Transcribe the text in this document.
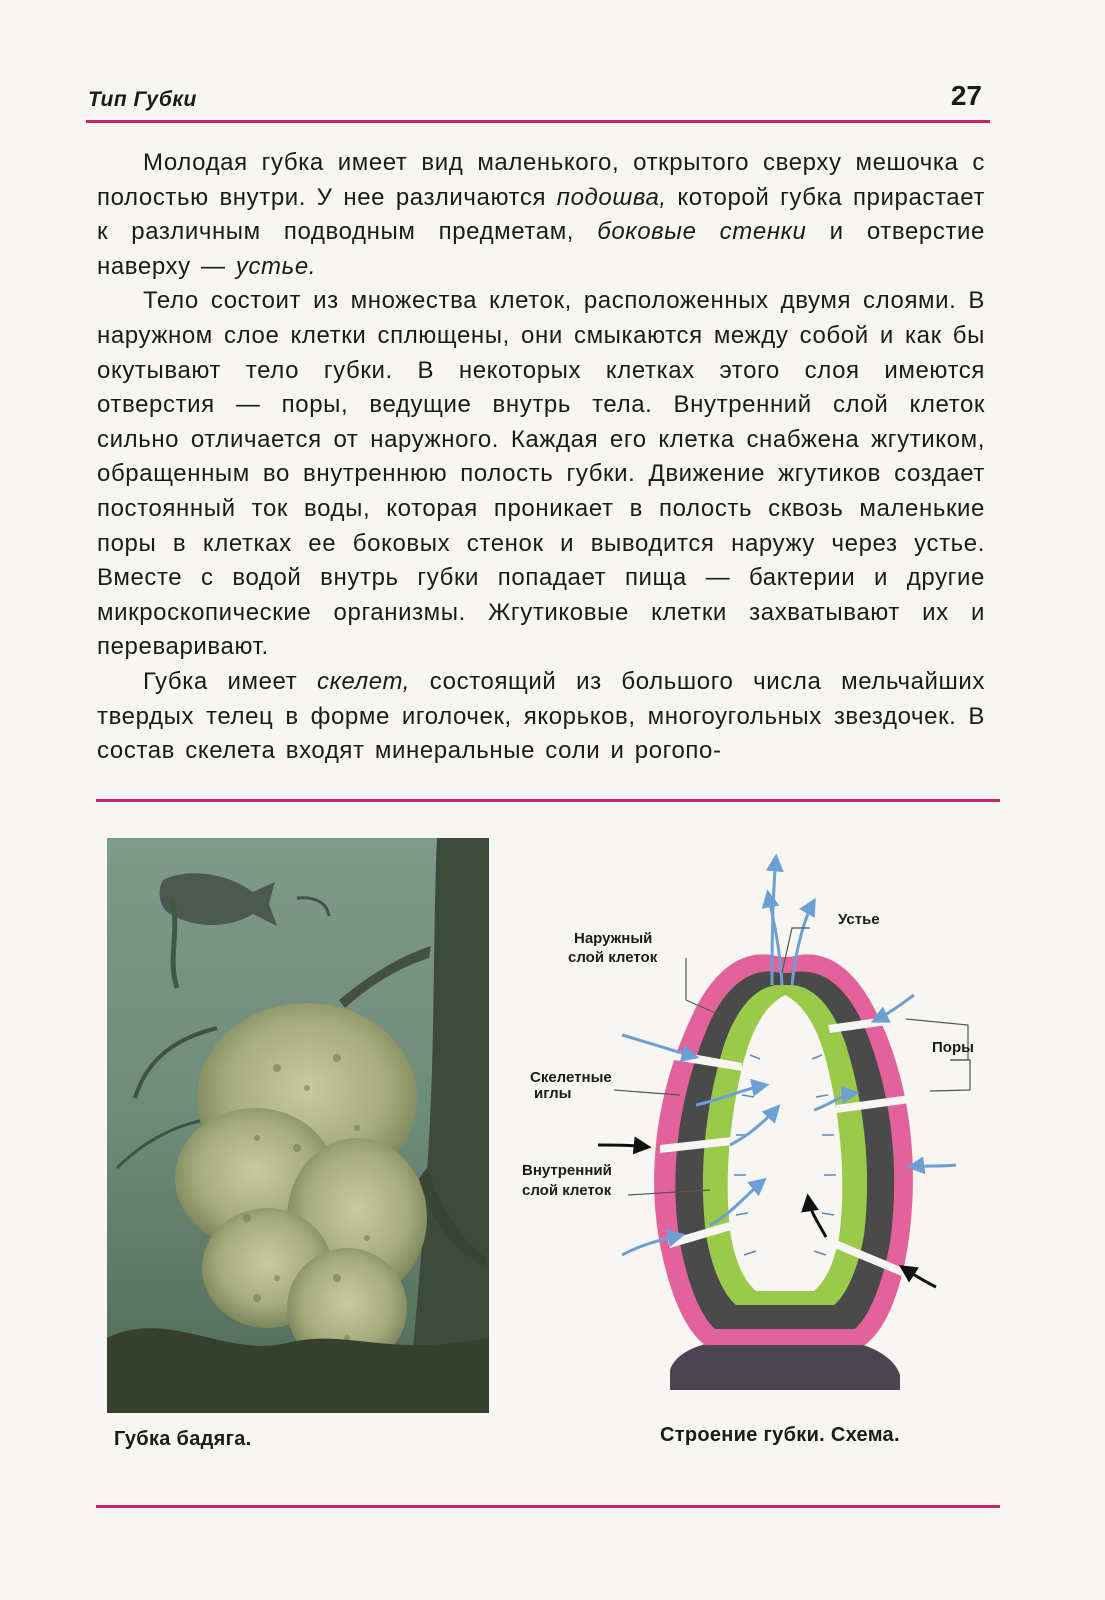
Тип Губки	27

Молодая губка имеет вид маленького, открытого сверху мешочка с полостью внутри. У нее различаются подошва, которой губка прирастает к различным подводным предметам, боковые стенки и отверстие наверху — устье.

Тело состоит из множества клеток, расположенных двумя слоями. В наружном слое клетки сплющены, они смыкаются между собой и как бы окутывают тело губки. В некоторых клетках этого слоя имеются отверстия — поры, ведущие внутрь тела. Внутренний слой клеток сильно отличается от наружного. Каждая его клетка снабжена жгутиком, обращенным во внутреннюю полость губки. Движение жгутиков создает постоянный ток воды, которая проникает в полость сквозь маленькие поры в клетках ее боковых стенок и выводится наружу через устье. Вместе с водой внутрь губки попадает пища — бактерии и другие микроскопические организмы. Жгутиковые клетки захватывают их и переваривают.

Губка имеет скелет, состоящий из большого числа мельчайших твердых телец в форме иголочек, якорьков, многоугольных звездочек. В состав скелета входят минеральные соли и рогопо-

Наружный
слой клеток
Устье
Поры
Скелетные
иглы
Внутренний
слой клеток
Губка бадяга.	Строение губки. Схема.
